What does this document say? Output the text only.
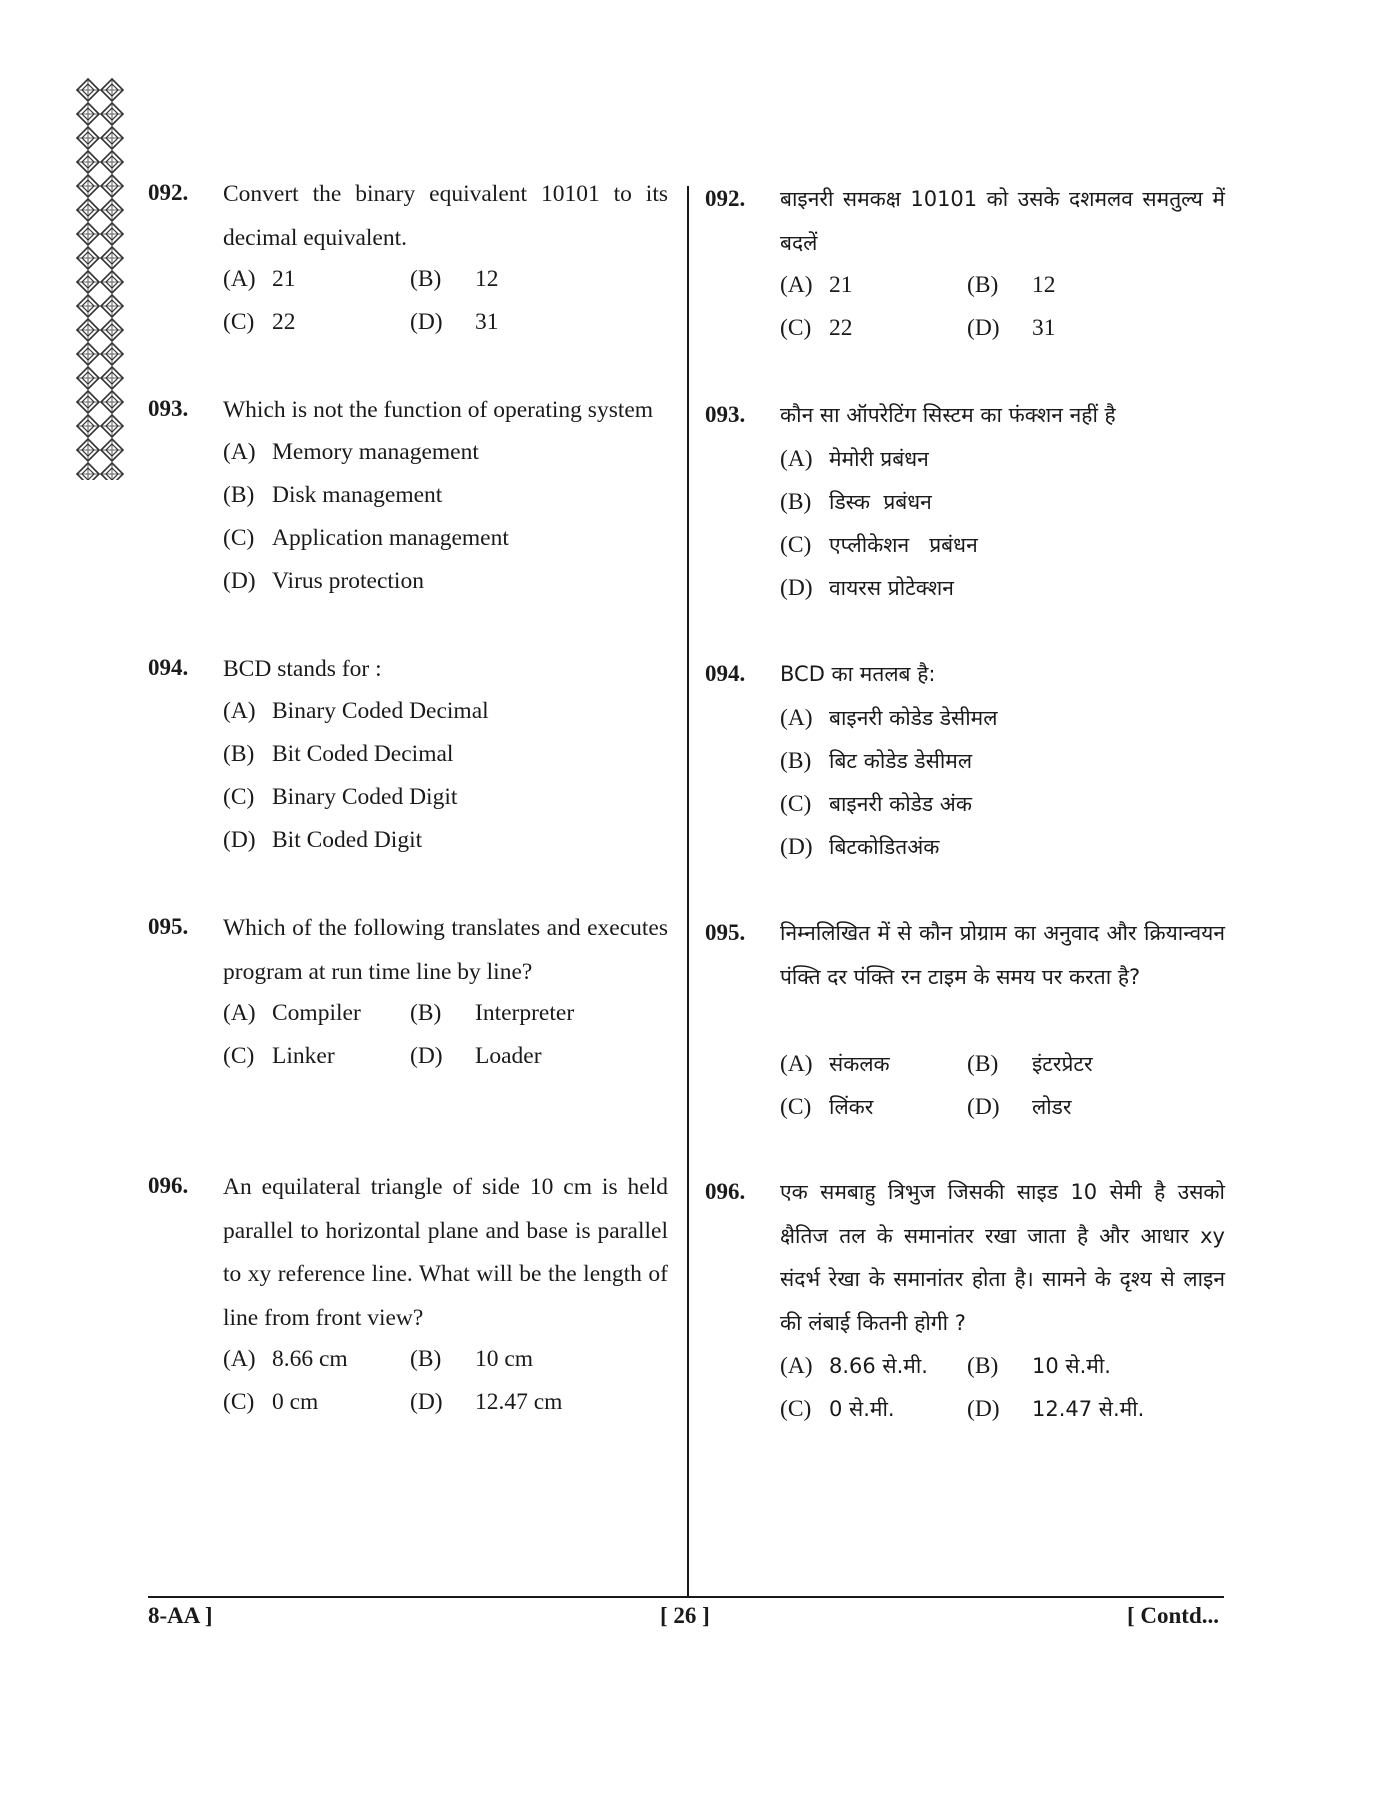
092. Convert the binary equivalent 10101 to its decimal equivalent.
(A) 21	(B) 12
(C) 22	(D) 31
093. Which is not the function of operating system
(A) Memory management
(B) Disk management
(C) Application management
(D) Virus protection
094. BCD stands for :
(A) Binary Coded Decimal
(B) Bit Coded Decimal
(C) Binary Coded Digit
(D) Bit Coded Digit
095. Which of the following translates and executes program at run time line by line?
(A) Compiler (B) Interpreter
(C) Linker	(D) Loader
096. An equilateral triangle of side 10 cm is held parallel to horizontal plane and base is parallel to xy reference line. What will be the length of line from front view?
(A) 8.66 cm	(B) 10 cm
(C) 0 cm	(D) 12.47 cm
092. बाइनरी समकक्ष 10101 को उसके दशमलव समतुल्य में बदलें
(A) 21	(B) 12
(C) 22	(D) 31
093. कौन सा ऑपरेटिंग सिस्टम का फंक्शन नहीं है
(A) मेमोरी प्रबंधन
(B) डिस्क  प्रबंधन
(C) एप्लीकेशन   प्रबंधन
(D) वायरस प्रोटेक्शन
094. BCD का मतलब है:
(A) बाइनरी कोडेड डेसीमल
(B) बिट कोडेड डेसीमल
(C) बाइनरी कोडेड अंक
(D) बिटकोडितअंक
095. निम्नलिखित में से कौन प्रोग्राम का अनुवाद और क्रियान्वयन पंक्ति दर पंक्ति रन टाइम के समय पर करता है?
(A) संकलक	(B) इंटरप्रेटर
(C) लिंकर	(D) लोडर
096. एक समबाहु त्रिभुज जिसकी साइड 10 सेमी है उसको क्षैतिज तल के समानांतर रखा जाता है और आधार xy संदर्भ रेखा के समानांतर होता है। सामने के दृश्य से लाइन की लंबाई कितनी होगी ?
(A) 8.66 से.मी. (B) 10 से.मी.
(C) 0 से.मी.	(D) 12.47 से.मी.
8-AA ]	[ 26 ]	[ Contd...
